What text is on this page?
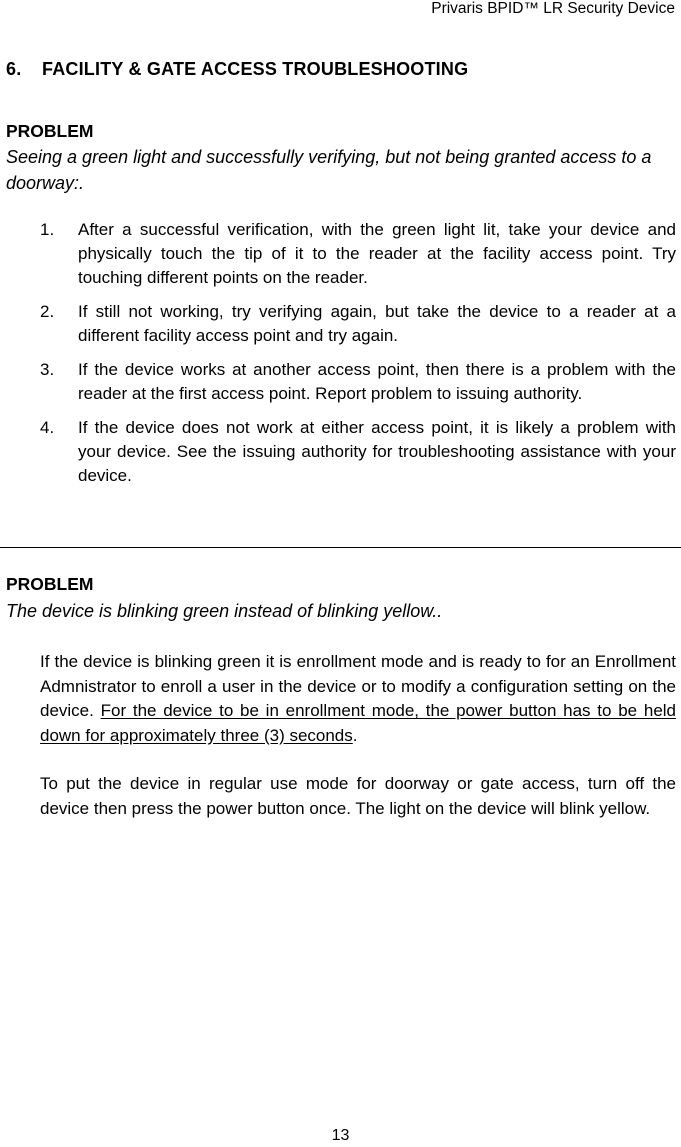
Privaris BPID™ LR Security Device
6. FACILITY & GATE ACCESS TROUBLESHOOTING
PROBLEM
Seeing a green light and successfully verifying, but not being granted access to a doorway:.
1. After a successful verification, with the green light lit, take your device and physically touch the tip of it to the reader at the facility access point. Try touching different points on the reader.
2. If still not working, try verifying again, but take the device to a reader at a different facility access point and try again.
3. If the device works at another access point, then there is a problem with the reader at the first access point. Report problem to issuing authority.
4. If the device does not work at either access point, it is likely a problem with your device. See the issuing authority for troubleshooting assistance with your device.
PROBLEM
The device is blinking green instead of blinking yellow..
If the device is blinking green it is enrollment mode and is ready to for an Enrollment Admnistrator to enroll a user in the device or to modify a configuration setting on the device. For the device to be in enrollment mode, the power button has to be held down for approximately three (3) seconds.
To put the device in regular use mode for doorway or gate access, turn off the device then press the power button once. The light on the device will blink yellow.
13
